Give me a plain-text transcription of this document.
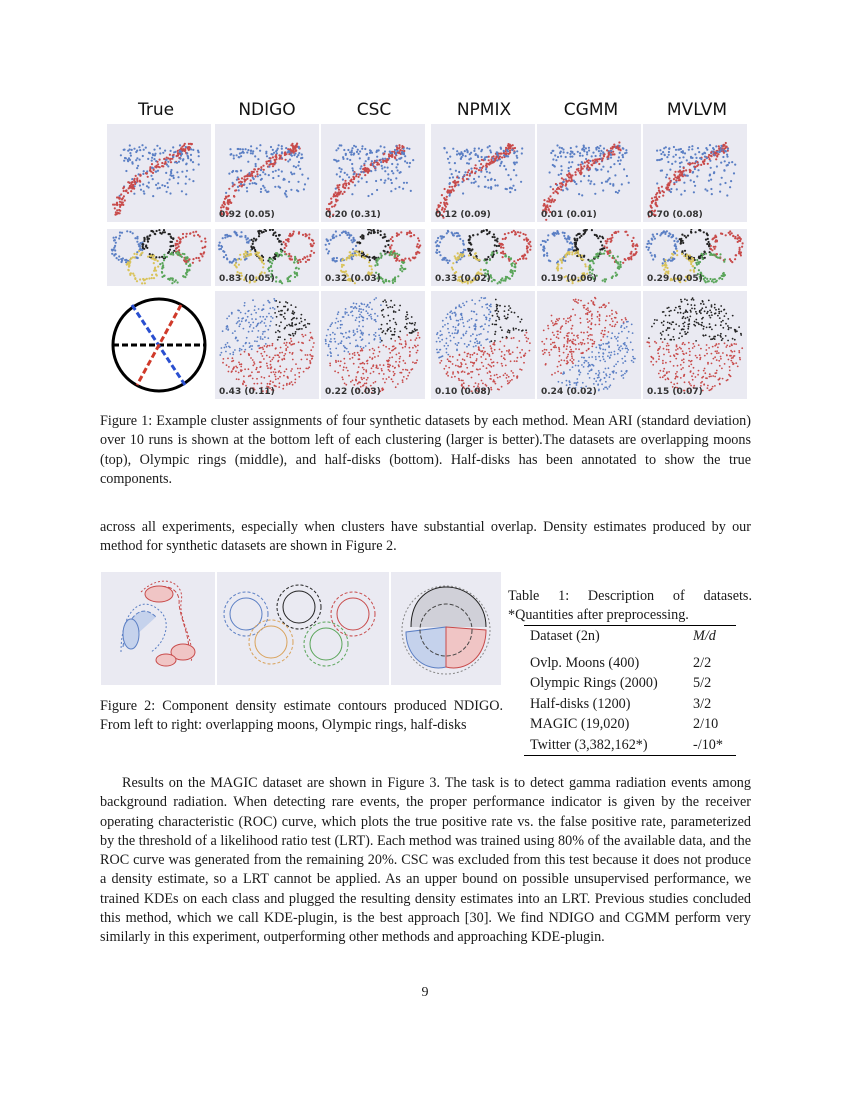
True	NDIGO	CSC	NPMIX	CGMM	MVLVM
0.92 (0.05)	0.20 (0.31)	0.12 (0.09)	0.01 (0.01)	0.70 (0.08)
0.83 (0.05)	0.32 (0.03)	0.33 (0.02)	0.19 (0.06)	0.29 (0.05)
0.43 (0.11)	0.22 (0.03)	0.10 (0.08)	0.24 (0.02)	0.15 (0.07)
Figure 1: Example cluster assignments of four synthetic datasets by each method. Mean ARI (standard deviation) over 10 runs is shown at the bottom left of each clustering (larger is better).The datasets are overlapping moons (top), Olympic rings (middle), and half-disks (bottom). Half-disks has been annotated to show the true components.
across all experiments, especially when clusters have substantial overlap. Density estimates produced by our method for synthetic datasets are shown in Figure 2.
Figure 2: Component density estimate contours produced NDIGO. From left to right: overlapping moons, Olympic rings, half-disks
Table 1: Description of datasets. *Quantities after preprocessing.
Dataset (2n)	M/d
Ovlp. Moons (400)	2/2
Olympic Rings (2000)	5/2
Half-disks (1200)	3/2
MAGIC (19,020)	2/10
Twitter (3,382,162*)	-/10*
Results on the MAGIC dataset are shown in Figure 3. The task is to detect gamma radiation events among background radiation. When detecting rare events, the proper performance indicator is given by the receiver operating characteristic (ROC) curve, which plots the true positive rate vs. the false positive rate, parameterized by the threshold of a likelihood ratio test (LRT). Each method was trained using 80% of the available data, and the ROC curve was generated from the remaining 20%. CSC was excluded from this test because it does not produce a density estimate, so a LRT cannot be applied. As an upper bound on possible unsupervised performance, we trained KDEs on each class and plugged the resulting density estimates into an LRT. Previous studies concluded this method, which we call KDE-plugin, is the best approach [30]. We find NDIGO and CGMM perform very similarly in this experiment, outperforming other methods and approaching KDE-plugin.
9
